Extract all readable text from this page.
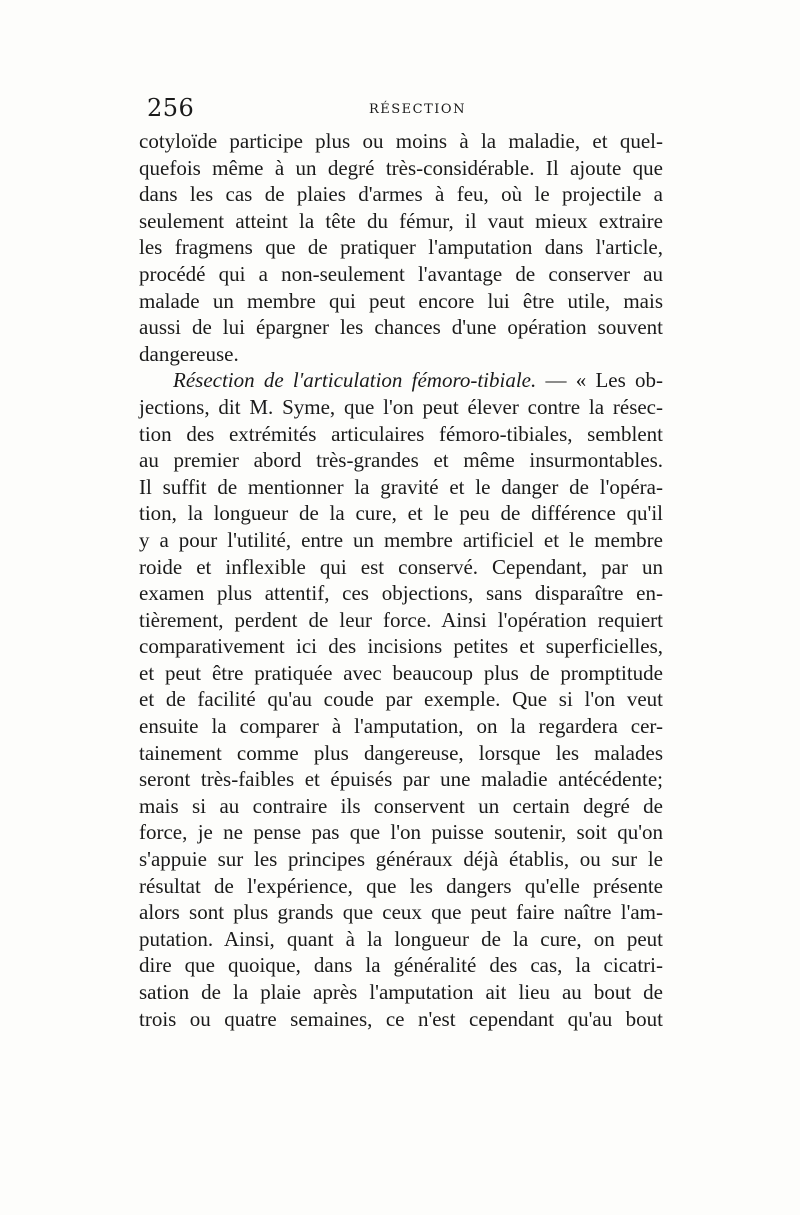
256	RÉSECTION
cotyloïde participe plus ou moins à la maladie, et quel-
quefois même à un degré très-considérable. Il ajoute que
dans les cas de plaies d'armes à feu, où le projectile a
seulement atteint la tête du fémur, il vaut mieux extraire
les fragmens que de pratiquer l'amputation dans l'article,
procédé qui a non-seulement l'avantage de conserver au
malade un membre qui peut encore lui être utile, mais
aussi de lui épargner les chances d'une opération souvent
dangereuse.
Résection de l'articulation fémoro-tibiale. — « Les ob-
jections, dit M. Syme, que l'on peut élever contre la résec-
tion des extrémités articulaires fémoro-tibiales, semblent
au premier abord très-grandes et même insurmontables.
Il suffit de mentionner la gravité et le danger de l'opéra-
tion, la longueur de la cure, et le peu de différence qu'il
y a pour l'utilité, entre un membre artificiel et le membre
roide et inflexible qui est conservé. Cependant, par un
examen plus attentif, ces objections, sans disparaître en-
tièrement, perdent de leur force. Ainsi l'opération requiert
comparativement ici des incisions petites et superficielles,
et peut être pratiquée avec beaucoup plus de promptitude
et de facilité qu'au coude par exemple. Que si l'on veut
ensuite la comparer à l'amputation, on la regardera cer-
tainement comme plus dangereuse, lorsque les malades
seront très-faibles et épuisés par une maladie antécédente;
mais si au contraire ils conservent un certain degré de
force, je ne pense pas que l'on puisse soutenir, soit qu'on
s'appuie sur les principes généraux déjà établis, ou sur le
résultat de l'expérience, que les dangers qu'elle présente
alors sont plus grands que ceux que peut faire naître l'am-
putation. Ainsi, quant à la longueur de la cure, on peut
dire que quoique, dans la généralité des cas, la cicatri-
sation de la plaie après l'amputation ait lieu au bout de
trois ou quatre semaines, ce n'est cependant qu'au bout
